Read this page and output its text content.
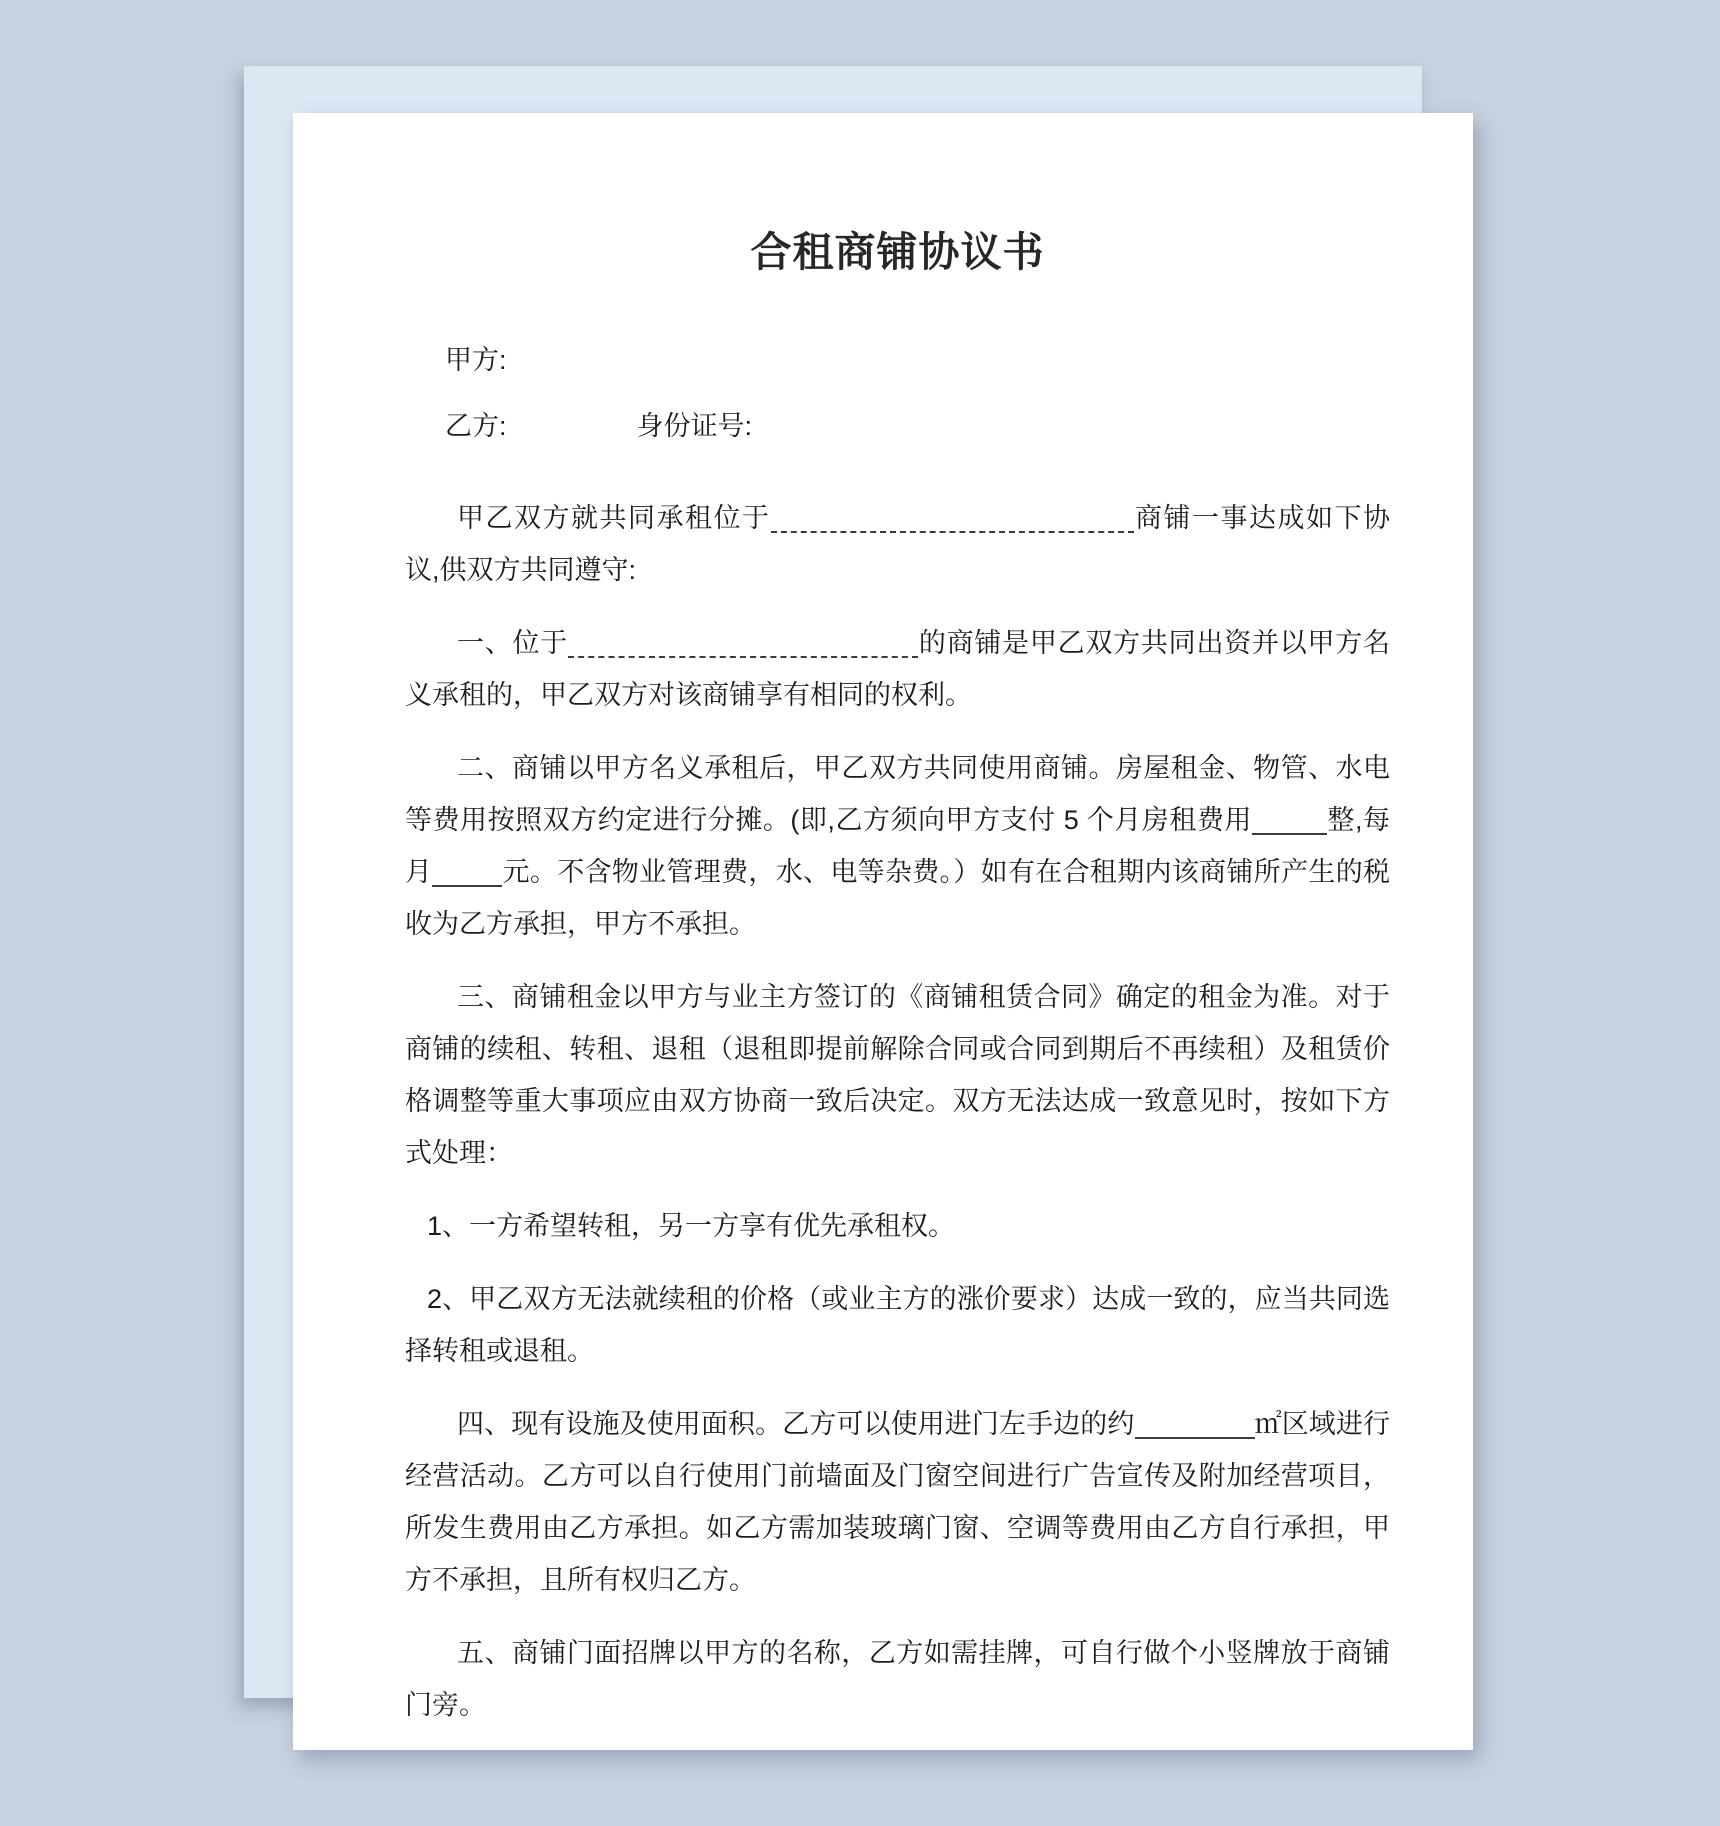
合租商铺协议书

甲方:

乙方:	身份证号:

甲乙双方就共同承租位于	商铺一事达成如下协议,供双方共同遵守:

一、位于	的商铺是甲乙双方共同出资并以甲方名义承租的，甲乙双方对该商铺享有相同的权利。

二、商铺以甲方名义承租后，甲乙双方共同使用商铺。房屋租金、物管、水电等费用按照双方约定进行分摊。(即,乙方须向甲方支付 5 个月房租费用	整,每月	元。不含物业管理费，水、电等杂费。）如有在合租期内该商铺所产生的税收为乙方承担，甲方不承担。

三、商铺租金以甲方与业主方签订的《商铺租赁合同》确定的租金为准。对于商铺的续租、转租、退租（退租即提前解除合同或合同到期后不再续租）及租赁价格调整等重大事项应由双方协商一致后决定。双方无法达成一致意见时，按如下方式处理：

1、一方希望转租，另一方享有优先承租权。

2、甲乙双方无法就续租的价格（或业主方的涨价要求）达成一致的，应当共同选择转租或退租。

四、现有设施及使用面积。乙方可以使用进门左手边的约	㎡区域进行经营活动。乙方可以自行使用门前墙面及门窗空间进行广告宣传及附加经营项目，所发生费用由乙方承担。如乙方需加装玻璃门窗、空调等费用由乙方自行承担，甲方不承担，且所有权归乙方。

五、商铺门面招牌以甲方的名称，乙方如需挂牌，可自行做个小竖牌放于商铺门旁。
